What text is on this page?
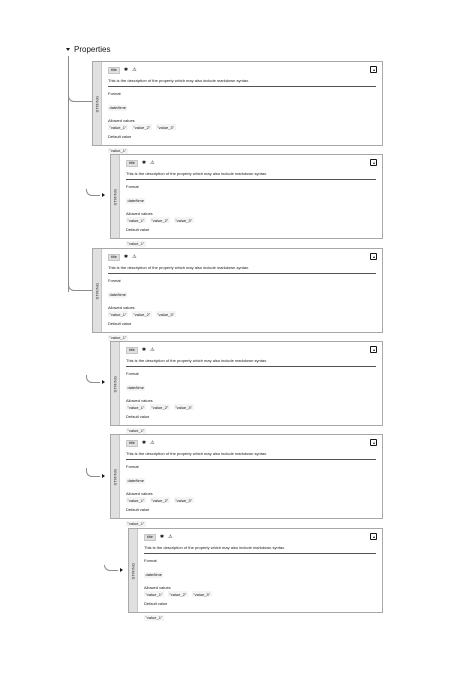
Properties
STRING
title	✱ ⚠
This is the description of the property which may also include markdown syntax.
Format
date/time
Allowed values
"value_1"	"value_2"	"value_3"
Default value
"value_1"
STRING
title	✱ ⚠
This is the description of the property which may also include markdown syntax.
Format
date/time
Allowed values
"value_1"	"value_2"	"value_3"
Default value
"value_1"
STRING
title	✱ ⚠
This is the description of the property which may also include markdown syntax.
Format
date/time
Allowed values
"value_1"	"value_2"	"value_3"
Default value
"value_1"
STRING
title	✱ ⚠
This is the description of the property which may also include markdown syntax.
Format
date/time
Allowed values
"value_1"	"value_2"	"value_3"
Default value
"value_1"
STRING
title	✱ ⚠
This is the description of the property which may also include markdown syntax.
Format
date/time
Allowed values
"value_1"	"value_2"	"value_3"
Default value
"value_1"
STRING
title	✱ ⚠
This is the description of the property which may also include markdown syntax.
Format
date/time
Allowed values
"value_1"	"value_2"	"value_3"
Default value
"value_1"
